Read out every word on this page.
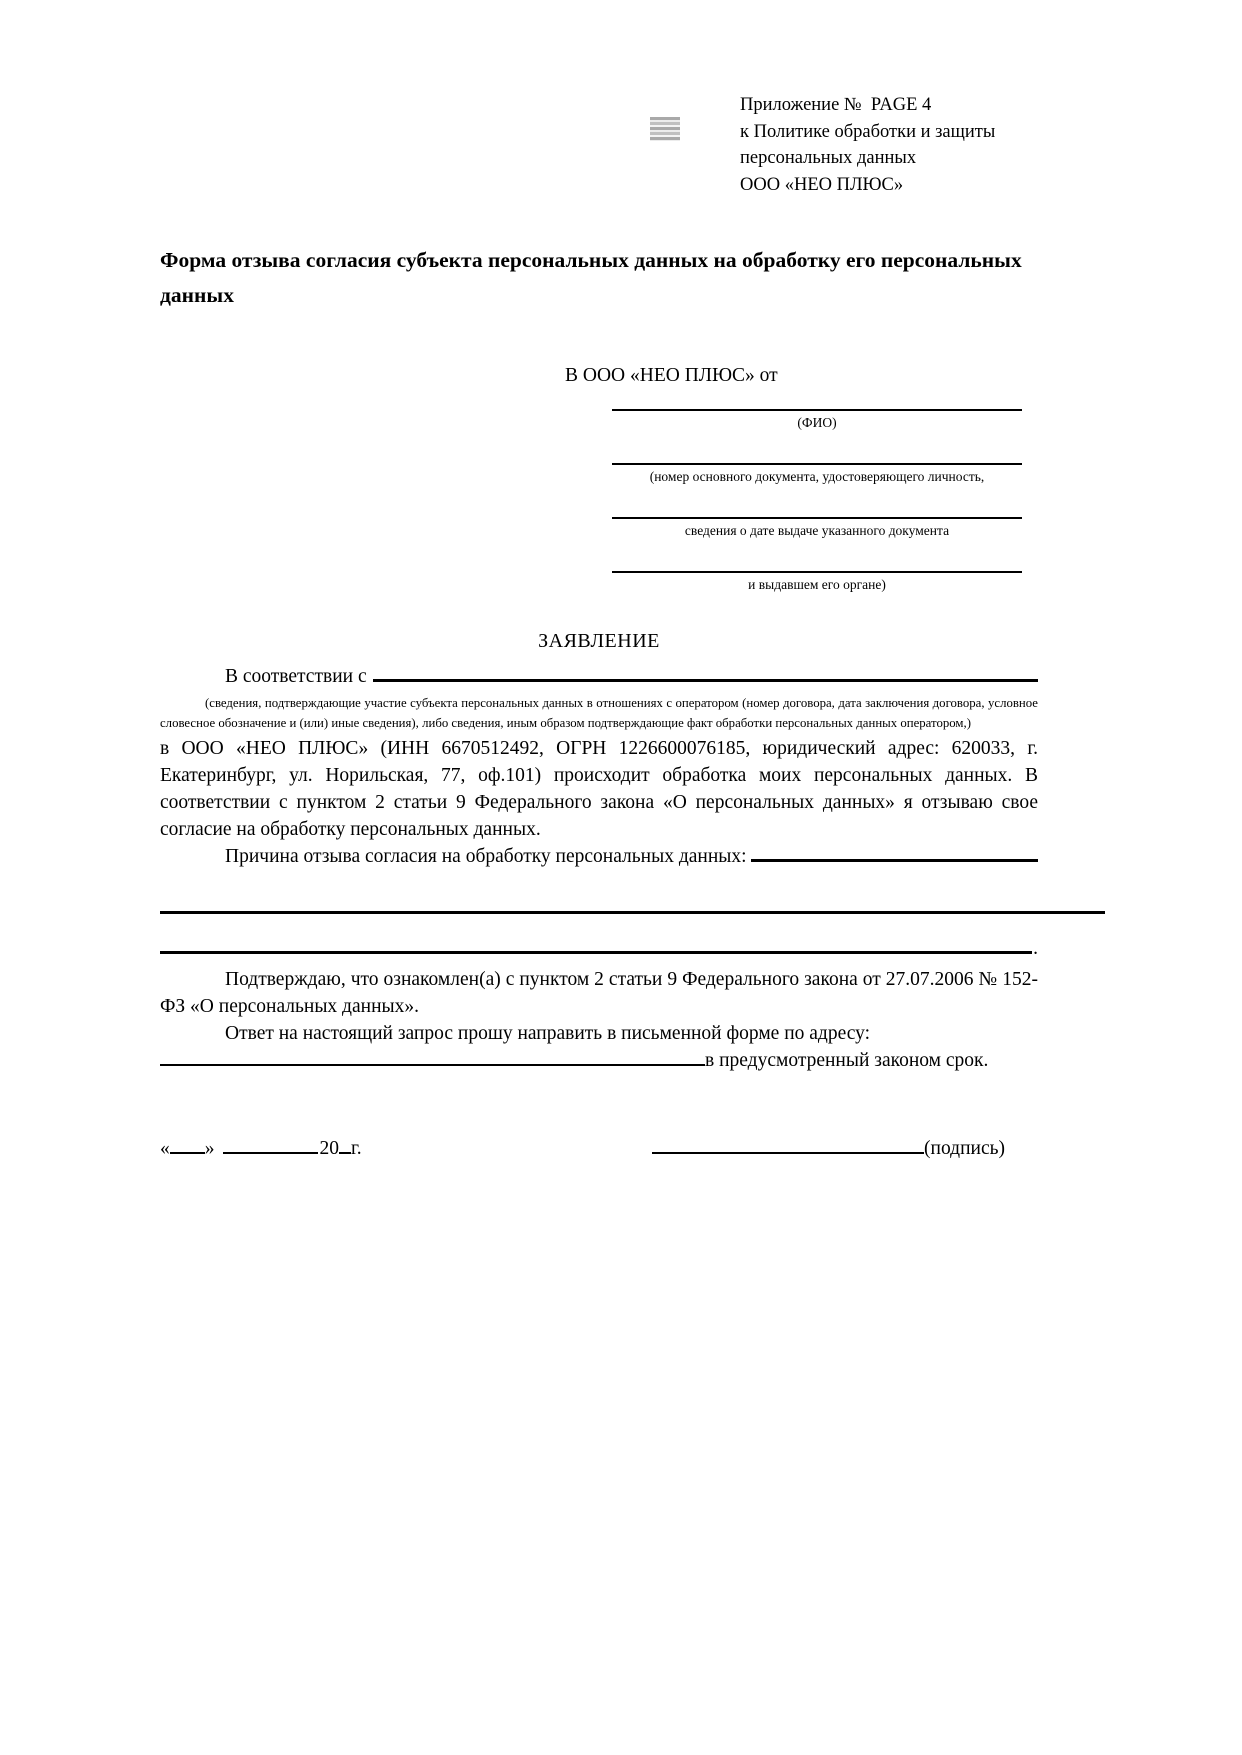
Приложение №  PAGE 4
к Политике обработки и защиты
персональных данных
ООО «НЕО ПЛЮС»
Форма отзыва согласия субъекта персональных данных на обработку его персональных данных
В ООО «НЕО ПЛЮС» от
(ФИО)
(номер основного документа, удостоверяющего личность,
сведения о дате выдаче указанного документа
и выдавшем его органе)
ЗАЯВЛЕНИЕ
В соответствии с

(сведения, подтверждающие участие субъекта персональных данных в отношениях с оператором (номер договора, дата заключения договора, условное словесное обозначение и (или) иные сведения), либо сведения, иным образом подтверждающие факт обработки персональных данных оператором,)

в ООО «НЕО ПЛЮС» (ИНН 6670512492, ОГРН 1226600076185, юридический адрес: 620033, г. Екатеринбург, ул. Норильская, 77, оф.101) происходит обработка моих персональных данных. В соответствии с пунктом 2 статьи 9 Федерального закона «О персональных данных» я отзываю свое согласие на обработку персональных данных.

Причина отзыва согласия на обработку персональных данных:
.

Подтверждаю, что ознакомлен(а) с пунктом 2 статьи 9 Федерального закона от 27.07.2006 № 152-ФЗ «О персональных данных».

Ответ на настоящий запрос прошу направить в письменной форме по адресу:

в предусмотренный законом срок.
« »	20 г.	(подпись)
